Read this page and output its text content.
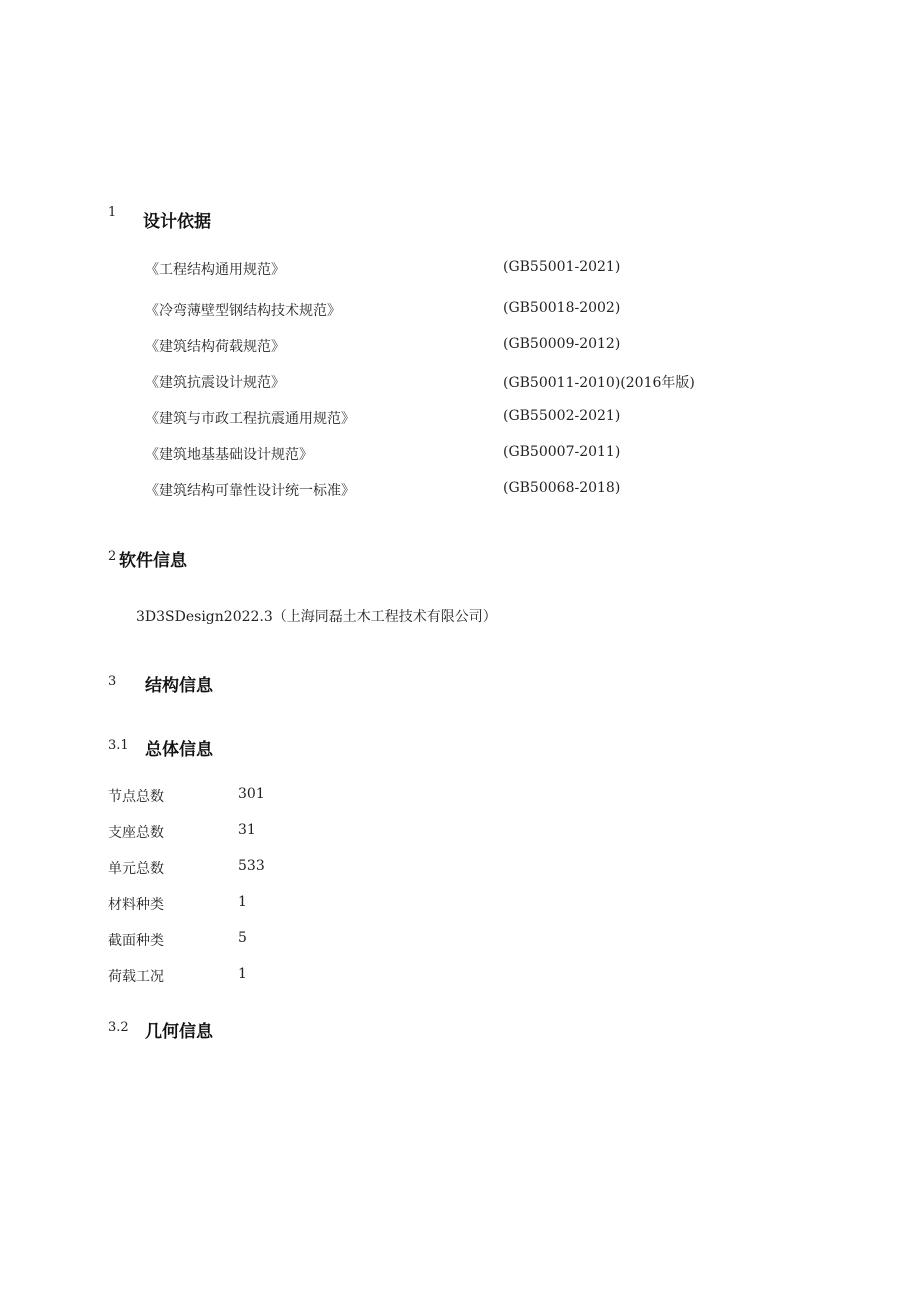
1 设计依据
《工程结构通用规范》	(GB55001-2021)
《冷弯薄壁型钢结构技术规范》	(GB50018-2002)
《建筑结构荷载规范》	(GB50009-2012)
《建筑抗震设计规范》	(GB50011-2010)(2016年版)
《建筑与市政工程抗震通用规范》	(GB55002-2021)
《建筑地基基础设计规范》	(GB50007-2011)
《建筑结构可靠性设计统一标准》	(GB50068-2018)
2 软件信息
3D3SDesign2022.3（上海同磊土木工程技术有限公司）
3 结构信息
3.1 总体信息
节点总数	301
支座总数	31
单元总数	533
材料种类	1
截面种类	5
荷载工况	1
3.2 几何信息
